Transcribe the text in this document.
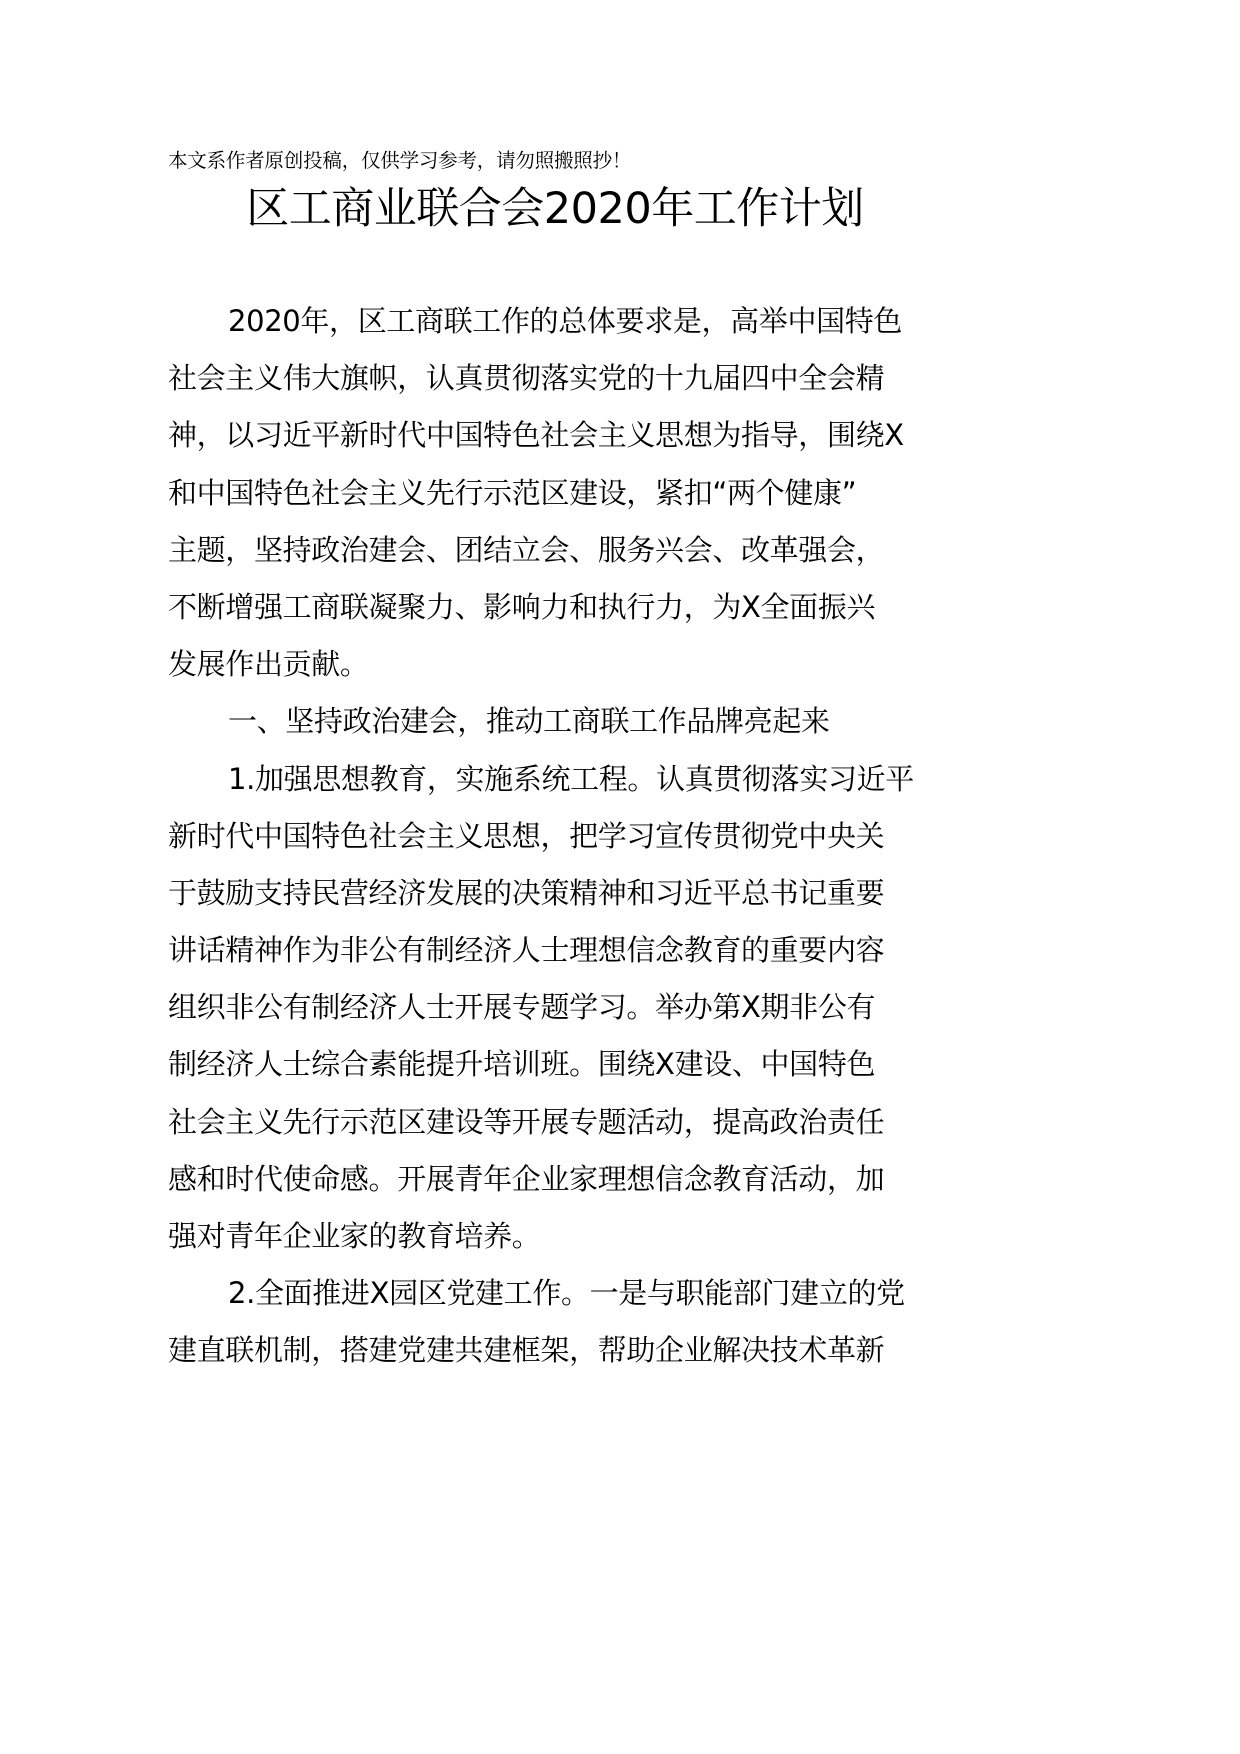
本文系作者原创投稿，仅供学习参考，请勿照搬照抄！
区工商业联合会2020年工作计划
2020年，区工商联工作的总体要求是，高举中国特色
社会主义伟大旗帜，认真贯彻落实党的十九届四中全会精
神，以习近平新时代中国特色社会主义思想为指导，围绕X
和中国特色社会主义先行示范区建设，紧扣“两个健康”
主题，坚持政治建会、团结立会、服务兴会、改革强会，
不断增强工商联凝聚力、影响力和执行力，为X全面振兴
发展作出贡献。
一、坚持政治建会，推动工商联工作品牌亮起来
1.加强思想教育，实施系统工程。认真贯彻落实习近平
新时代中国特色社会主义思想，把学习宣传贯彻党中央关
于鼓励支持民营经济发展的决策精神和习近平总书记重要
讲话精神作为非公有制经济人士理想信念教育的重要内容
组织非公有制经济人士开展专题学习。举办第X期非公有
制经济人士综合素能提升培训班。围绕X建设、中国特色
社会主义先行示范区建设等开展专题活动，提高政治责任
感和时代使命感。开展青年企业家理想信念教育活动，加
强对青年企业家的教育培养。
2.全面推进X园区党建工作。一是与职能部门建立的党
建直联机制，搭建党建共建框架，帮助企业解决技术革新
